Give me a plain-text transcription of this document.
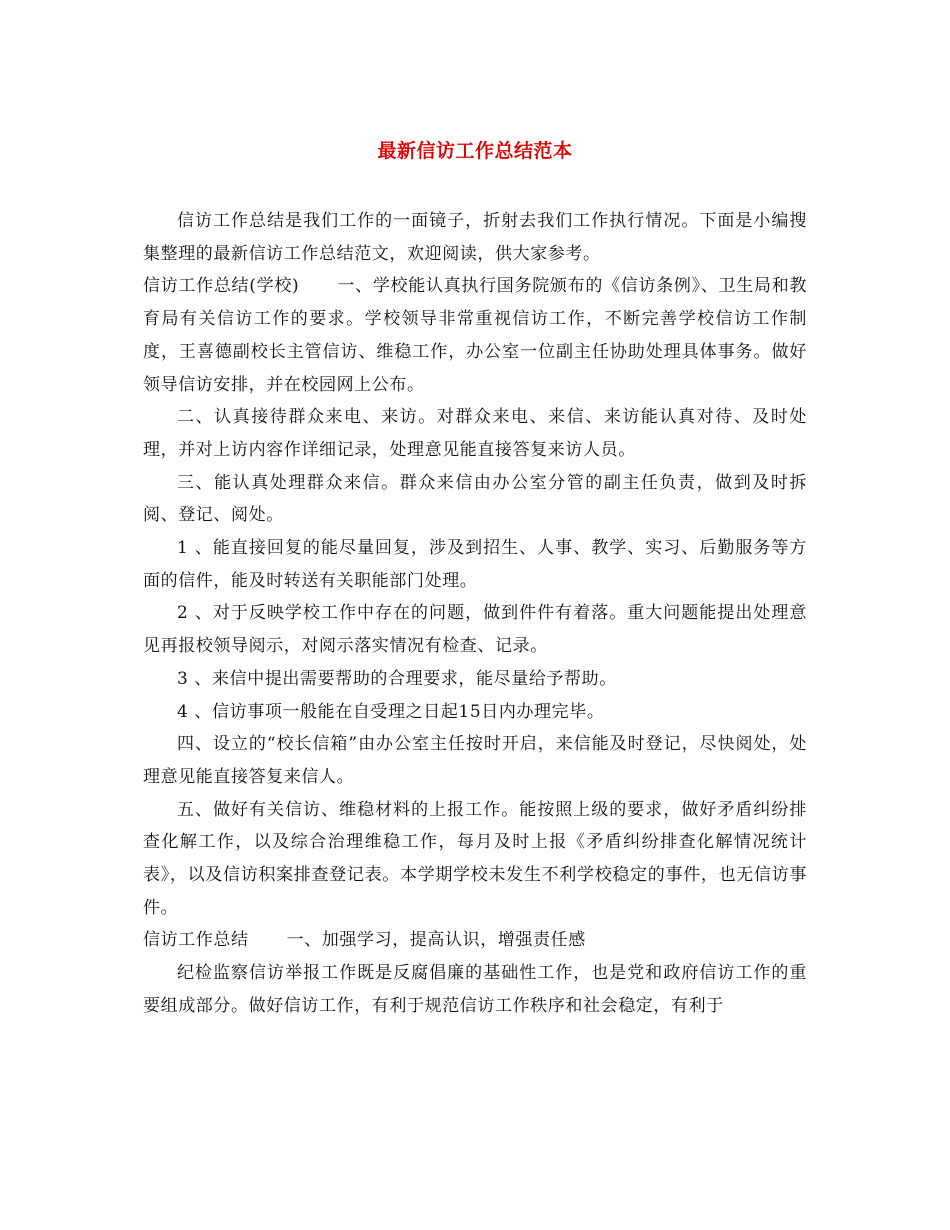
最新信访工作总结范本

信访工作总结是我们工作的一面镜子，折射去我们工作执行情况。下面是小编搜集整理的最新信访工作总结范文，欢迎阅读，供大家参考。

信访工作总结(学校) 一、学校能认真执行国务院颁布的《信访条例》、卫生局和教育局有关信访工作的要求。学校领导非常重视信访工作，不断完善学校信访工作制度，王喜德副校长主管信访、维稳工作，办公室一位副主任协助处理具体事务。做好领导信访安排，并在校园网上公布。

二、认真接待群众来电、来访。对群众来电、来信、来访能认真对待、及时处理，并对上访内容作详细记录，处理意见能直接答复来访人员。

三、能认真处理群众来信。群众来信由办公室分管的副主任负责，做到及时拆阅、登记、阅处。

1 、能直接回复的能尽量回复，涉及到招生、人事、教学、实习、后勤服务等方面的信件，能及时转送有关职能部门处理。

2 、对于反映学校工作中存在的问题，做到件件有着落。重大问题能提出处理意见再报校领导阅示，对阅示落实情况有检查、记录。

3 、来信中提出需要帮助的合理要求，能尽量给予帮助。

4 、信访事项一般能在自受理之日起15日内办理完毕。

四、设立的“校长信箱”由办公室主任按时开启，来信能及时登记，尽快阅处，处理意见能直接答复来信人。

五、做好有关信访、维稳材料的上报工作。能按照上级的要求，做好矛盾纠纷排查化解工作，以及综合治理维稳工作，每月及时上报《矛盾纠纷排查化解情况统计表》，以及信访积案排查登记表。本学期学校未发生不利学校稳定的事件，也无信访事件。

信访工作总结 一、加强学习，提高认识，增强责任感

纪检监察信访举报工作既是反腐倡廉的基础性工作，也是党和政府信访工作的重要组成部分。做好信访工作，有利于规范信访工作秩序和社会稳定，有利于
